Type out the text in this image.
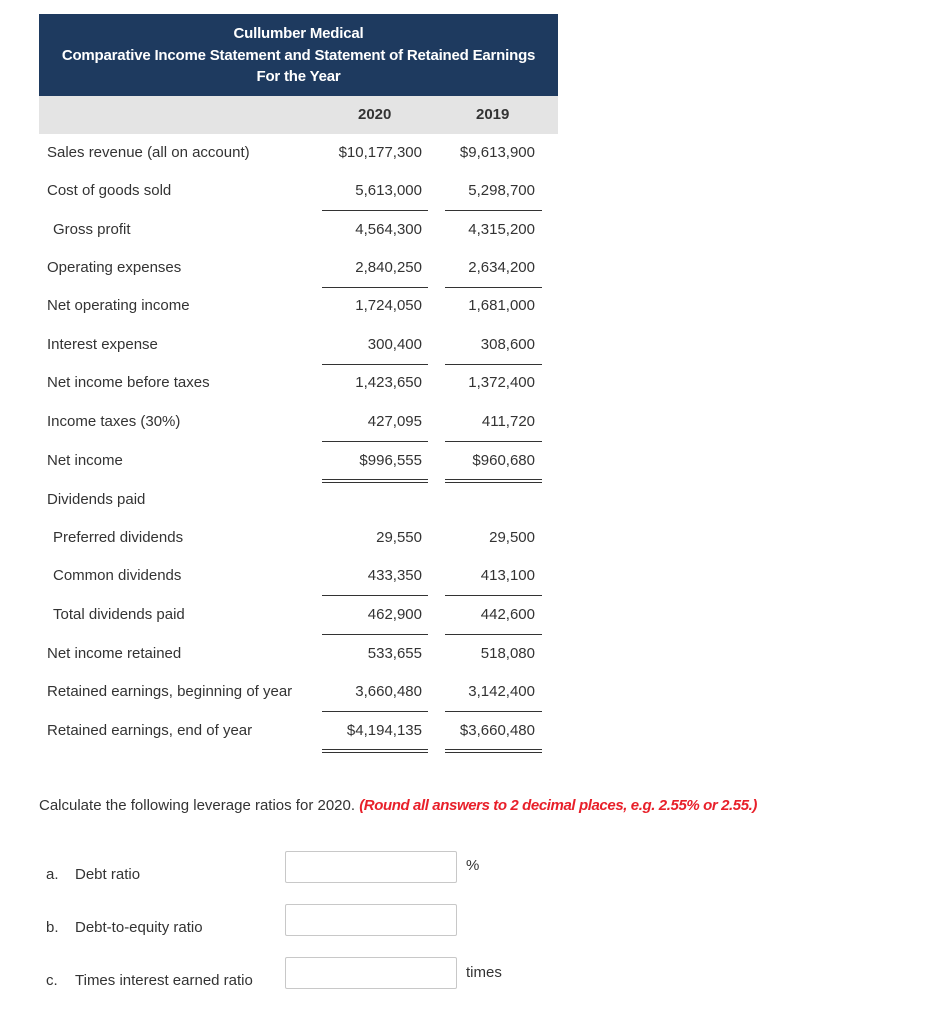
Cullumber Medical
Comparative Income Statement and Statement of Retained Earnings
For the Year
2020	2019
Sales revenue (all on account)	$10,177,300	$9,613,900
Cost of goods sold	5,613,000	5,298,700
Gross profit	4,564,300	4,315,200
Operating expenses	2,840,250	2,634,200
Net operating income	1,724,050	1,681,000
Interest expense	300,400	308,600
Net income before taxes	1,423,650	1,372,400
Income taxes (30%)	427,095	411,720
Net income	$996,555	$960,680
Dividends paid
Preferred dividends	29,550	29,500
Common dividends	433,350	413,100
Total dividends paid	462,900	442,600
Net income retained	533,655	518,080
Retained earnings, beginning of year	3,660,480	3,142,400
Retained earnings, end of year	$4,194,135	$3,660,480
Calculate the following leverage ratios for 2020. (Round all answers to 2 decimal places, e.g. 2.55% or 2.55.)
a. Debt ratio
%
b. Debt-to-equity ratio
c. Times interest earned ratio	times
